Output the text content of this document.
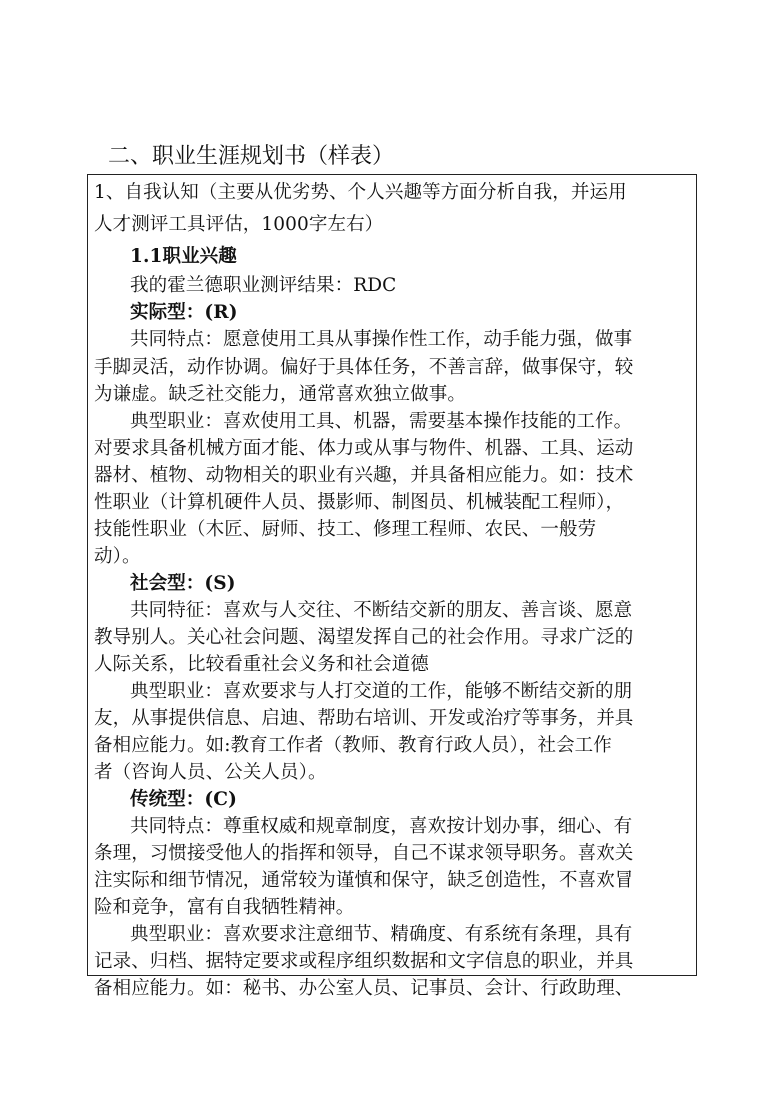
二、职业生涯规划书（样表）
1、自我认知（主要从优劣势、个人兴趣等方面分析自我，并运用
人才测评工具评估，1000字左右）
1.1职业兴趣
我的霍兰德职业测评结果：RDC
实际型：(R)
共同特点：愿意使用工具从事操作性工作，动手能力强，做事
手脚灵活，动作协调。偏好于具体任务，不善言辞，做事保守，较
为谦虚。缺乏社交能力，通常喜欢独立做事。
典型职业：喜欢使用工具、机器，需要基本操作技能的工作。
对要求具备机械方面才能、体力或从事与物件、机器、工具、运动
器材、植物、动物相关的职业有兴趣，并具备相应能力。如：技术
性职业（计算机硬件人员、摄影师、制图员、机械装配工程师），
技能性职业（木匠、厨师、技工、修理工程师、农民、一般劳
动）。
社会型：(S)
共同特征：喜欢与人交往、不断结交新的朋友、善言谈、愿意
教导别人。关心社会问题、渴望发挥自己的社会作用。寻求广泛的
人际关系，比较看重社会义务和社会道德
典型职业：喜欢要求与人打交道的工作，能够不断结交新的朋
友，从事提供信息、启迪、帮助右培训、开发或治疗等事务，并具
备相应能力。如:教育工作者（教师、教育行政人员），社会工作
者（咨询人员、公关人员）。
传统型：(C)
共同特点：尊重权威和规章制度，喜欢按计划办事，细心、有
条理，习惯接受他人的指挥和领导，自己不谋求领导职务。喜欢关
注实际和细节情况，通常较为谨慎和保守，缺乏创造性，不喜欢冒
险和竞争，富有自我牺牲精神。
典型职业：喜欢要求注意细节、精确度、有系统有条理，具有
记录、归档、据特定要求或程序组织数据和文字信息的职业，并具
备相应能力。如：秘书、办公室人员、记事员、会计、行政助理、
